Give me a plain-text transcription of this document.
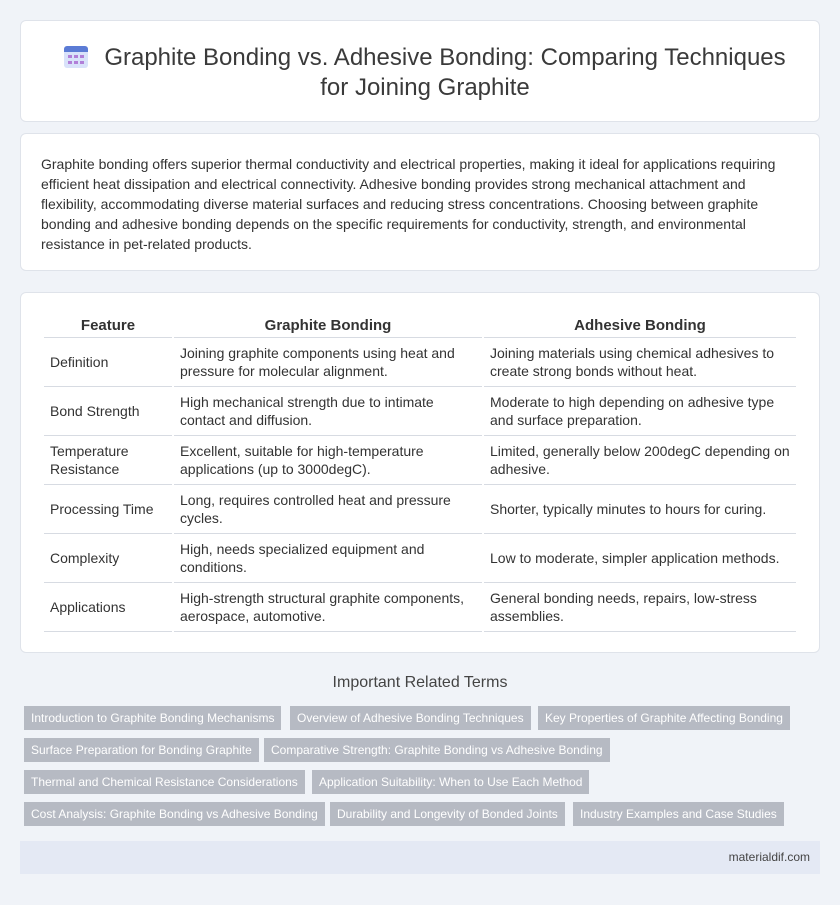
Graphite Bonding vs. Adhesive Bonding: Comparing Techniques for Joining Graphite

Graphite bonding offers superior thermal conductivity and electrical properties, making it ideal for applications requiring efficient heat dissipation and electrical connectivity. Adhesive bonding provides strong mechanical attachment and flexibility, accommodating diverse material surfaces and reducing stress concentrations. Choosing between graphite bonding and adhesive bonding depends on the specific requirements for conductivity, strength, and environmental resistance in pet-related products.

Feature	Graphite Bonding	Adhesive Bonding
Definition	Joining graphite components using heat and pressure for molecular alignment.	Joining materials using chemical adhesives to create strong bonds without heat.
Bond Strength	High mechanical strength due to intimate contact and diffusion.	Moderate to high depending on adhesive type and surface preparation.
Temperature Resistance	Excellent, suitable for high-temperature applications (up to 3000degC).	Limited, generally below 200degC depending on adhesive.
Processing Time	Long, requires controlled heat and pressure cycles.	Shorter, typically minutes to hours for curing.
Complexity	High, needs specialized equipment and conditions.	Low to moderate, simpler application methods.
Applications	High-strength structural graphite components, aerospace, automotive.	General bonding needs, repairs, low-stress assemblies.
Important Related Terms
Introduction to Graphite Bonding Mechanisms	Overview of Adhesive Bonding Techniques	Key Properties of Graphite Affecting Bonding
Surface Preparation for Bonding Graphite	Comparative Strength: Graphite Bonding vs Adhesive Bonding
Thermal and Chemical Resistance Considerations	Application Suitability: When to Use Each Method
Cost Analysis: Graphite Bonding vs Adhesive Bonding	Durability and Longevity of Bonded Joints	Industry Examples and Case Studies
materialdif.com
